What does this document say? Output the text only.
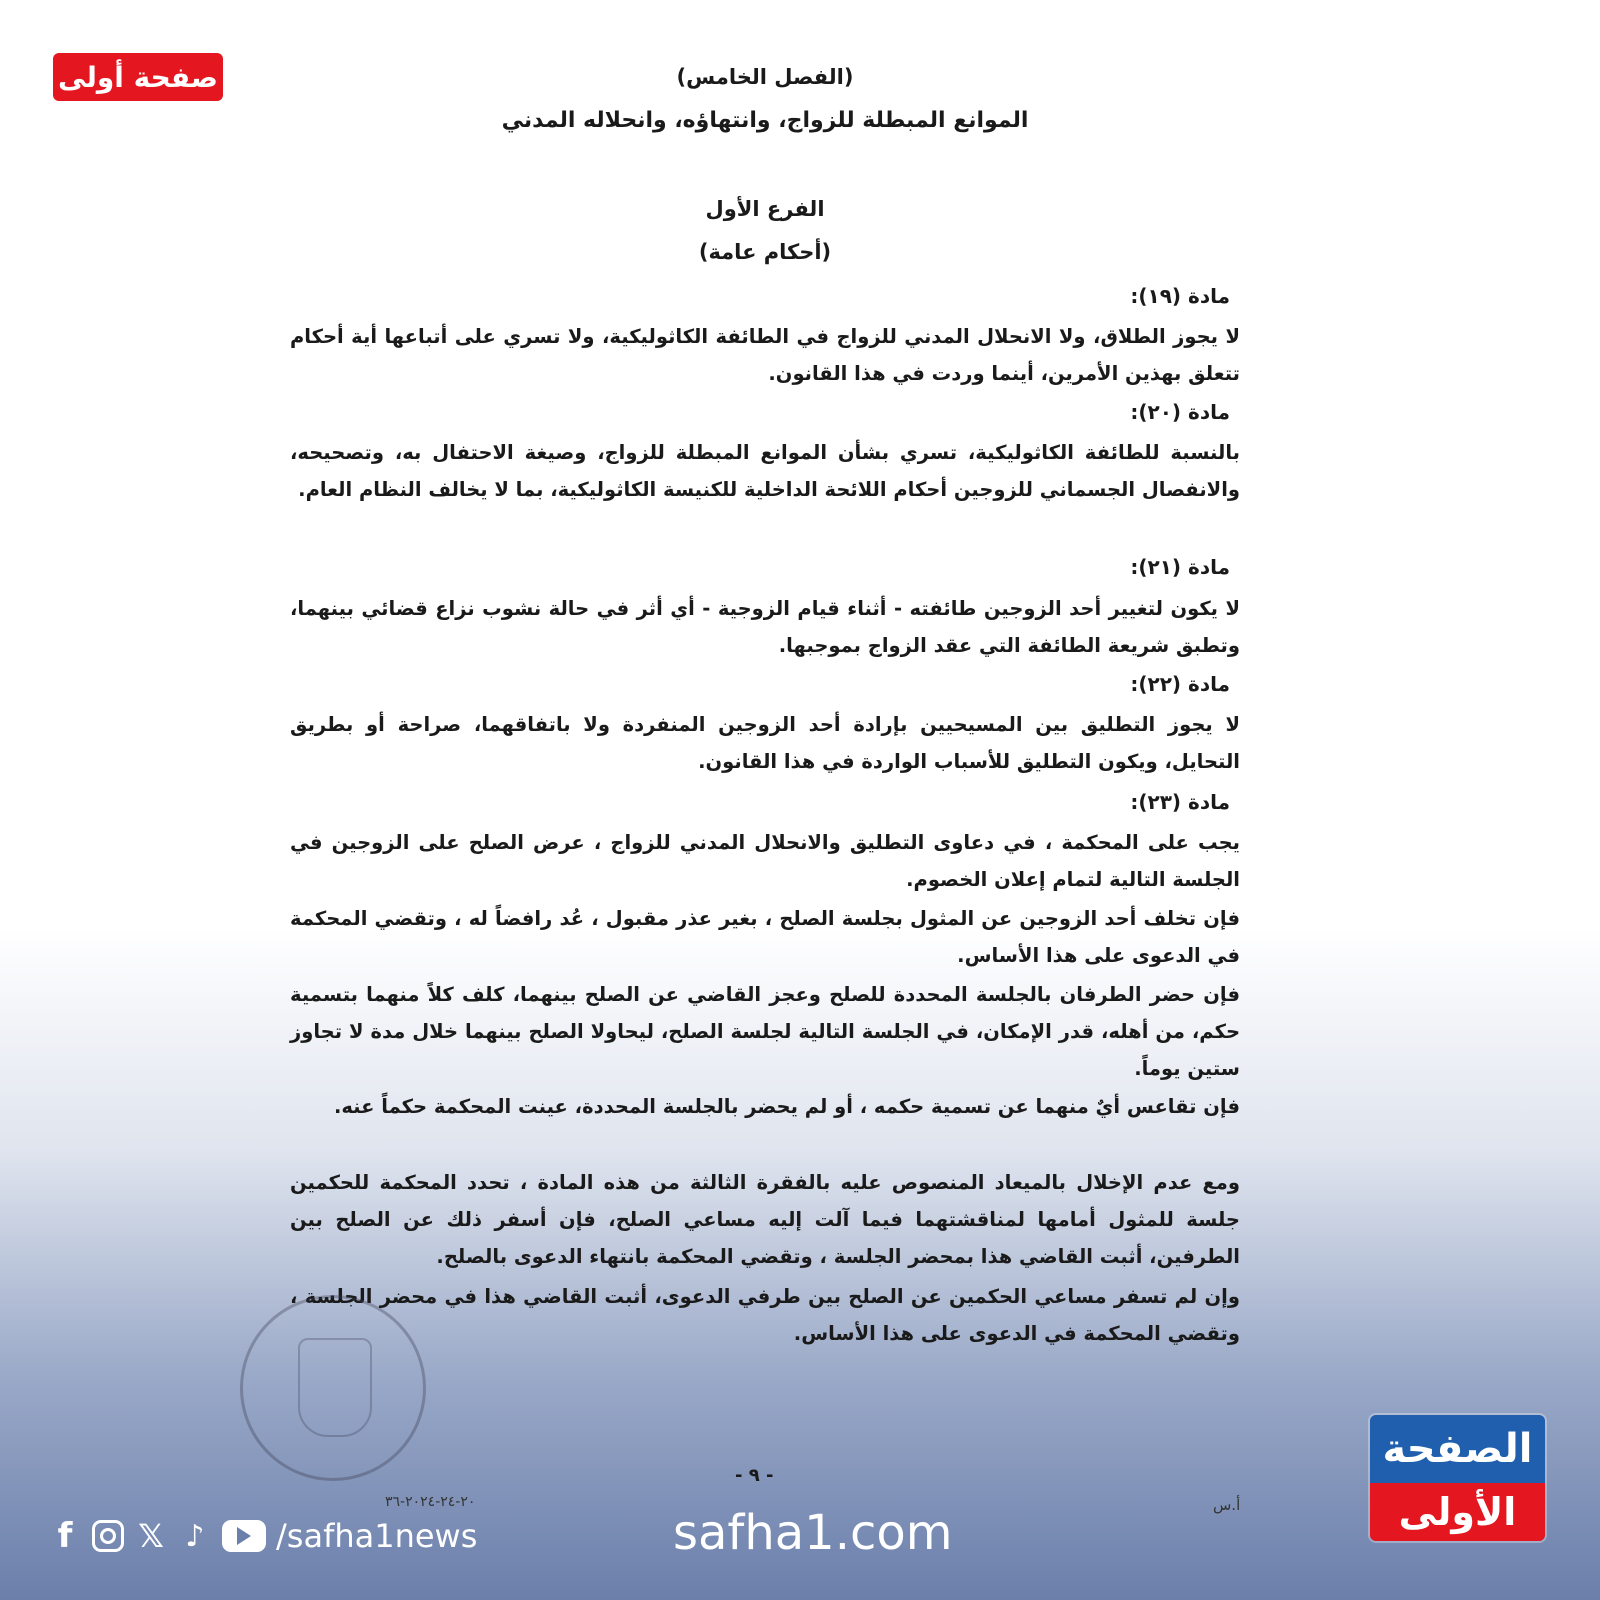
صفحة أولى	(الفصل الخامس)
الموانع المبطلة للزواج، وانتهاؤه، وانحلاله المدني
الفرع الأول
(أحكام عامة)
مادة (١٩):
لا يجوز الطلاق، ولا الانحلال المدني للزواج في الطائفة الكاثوليكية، ولا تسري على أتباعها أية أحكام تتعلق بهذين الأمرين، أينما وردت في هذا القانون.
مادة (٢٠):
بالنسبة للطائفة الكاثوليكية، تسري بشأن الموانع المبطلة للزواج، وصيغة الاحتفال به، وتصحيحه، والانفصال الجسماني للزوجين أحكام اللائحة الداخلية للكنيسة الكاثوليكية، بما لا يخالف النظام العام.
مادة (٢١):
لا يكون لتغيير أحد الزوجين طائفته - أثناء قيام الزوجية - أي أثر في حالة نشوب نزاع قضائي بينهما، وتطبق شريعة الطائفة التي عقد الزواج بموجبها.
مادة (٢٢):
لا يجوز التطليق بين المسيحيين بإرادة أحد الزوجين المنفردة ولا باتفاقهما، صراحة أو بطريق التحايل، ويكون التطليق للأسباب الواردة في هذا القانون.
مادة (٢٣):
يجب على المحكمة ، في دعاوى التطليق والانحلال المدني للزواج ، عرض الصلح على الزوجين في الجلسة التالية لتمام إعلان الخصوم.
فإن تخلف أحد الزوجين عن المثول بجلسة الصلح ، بغير عذر مقبول ، عُد رافضاً له ، وتقضي المحكمة في الدعوى على هذا الأساس.
فإن حضر الطرفان بالجلسة المحددة للصلح وعجز القاضي عن الصلح بينهما، كلف كلاً منهما بتسمية حكم، من أهله، قدر الإمكان، في الجلسة التالية لجلسة الصلح، ليحاولا الصلح بينهما خلال مدة لا تجاوز ستين يوماً.
فإن تقاعس أيٌ منهما عن تسمية حكمه ، أو لم يحضر بالجلسة المحددة، عينت المحكمة حكماً عنه.
ومع عدم الإخلال بالميعاد المنصوص عليه بالفقرة الثالثة من هذه المادة ، تحدد المحكمة للحكمين جلسة للمثول أمامها لمناقشتهما فيما آلت إليه مساعي الصلح، فإن أسفر ذلك عن الصلح بين الطرفين، أثبت القاضي هذا بمحضر الجلسة ، وتقضي المحكمة بانتهاء الدعوى بالصلح.
وإن لم تسفر مساعي الحكمين عن الصلح بين طرفي الدعوى، أثبت القاضي هذا في محضر الجلسة ، وتقضي المحكمة في الدعوى على هذا الأساس.
- ٩ -
٢٠-٢٤-٢٠٢٤-٣٦	أ.س
f	𝕏 ♪ /safha1news	safha1.com
الصفحة
الأولى
